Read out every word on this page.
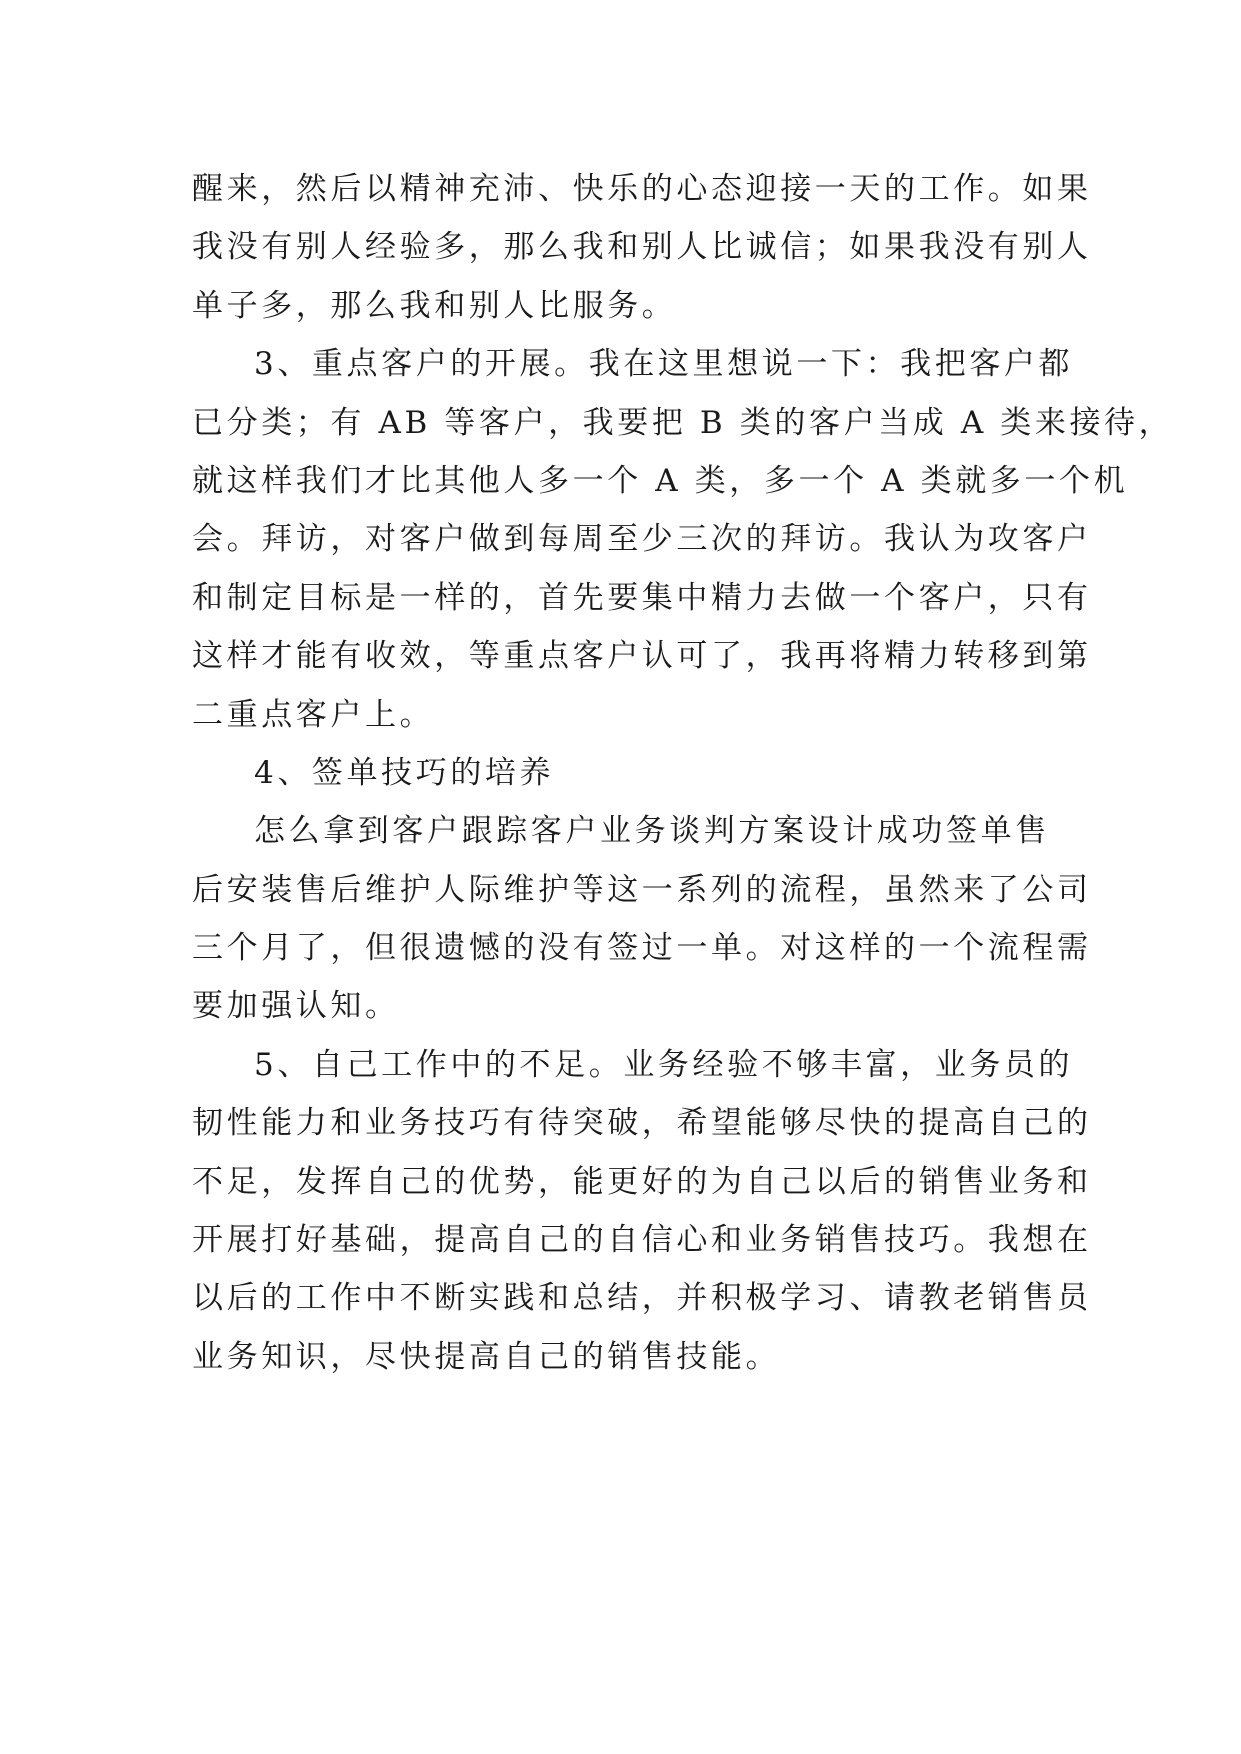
醒来，然后以精神充沛、快乐的心态迎接一天的工作。如果
我没有别人经验多，那么我和别人比诚信；如果我没有别人
单子多，那么我和别人比服务。
3、重点客户的开展。我在这里想说一下：我把客户都
已分类；有 AB 等客户，我要把 B 类的客户当成 A 类来接待，
就这样我们才比其他人多一个 A 类，多一个 A 类就多一个机
会。拜访，对客户做到每周至少三次的拜访。我认为攻客户
和制定目标是一样的，首先要集中精力去做一个客户，只有
这样才能有收效，等重点客户认可了，我再将精力转移到第
二重点客户上。
4、签单技巧的培养
怎么拿到客户跟踪客户业务谈判方案设计成功签单售
后安装售后维护人际维护等这一系列的流程，虽然来了公司
三个月了，但很遗憾的没有签过一单。对这样的一个流程需
要加强认知。
5、自己工作中的不足。业务经验不够丰富，业务员的
韧性能力和业务技巧有待突破，希望能够尽快的提高自己的
不足，发挥自己的优势，能更好的为自己以后的销售业务和
开展打好基础，提高自己的自信心和业务销售技巧。我想在
以后的工作中不断实践和总结，并积极学习、请教老销售员
业务知识，尽快提高自己的销售技能。
